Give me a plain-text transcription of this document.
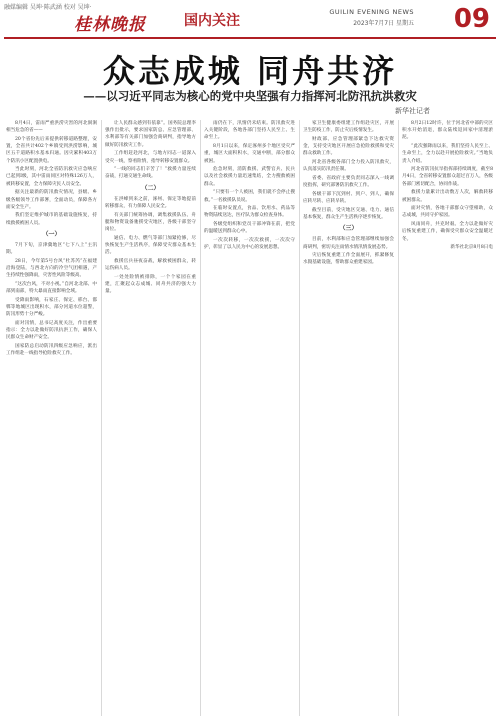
融媒编辑 吴坤·陈武涵 校对 吴坤·
桂林晚报	国内关注
GUILIN EVENING NEWS
2023年7月7日 星期五 09
众志成城 同舟共济
——以习近平同志为核心的党中央坚强有力指挥河北防汛抗洪救灾
新华社记者

8月4日，雷雨严重洪涝灾害的河北洞涧相当危急的省——

20个省份先后来提供转移道路整理，安置，全省共计402个乡镇受到洪涝影响，城区五千道路积水基本归通。因灾累积403万个防汛小区配置供电。

当此时刻，河北全省防汛救灾应急响应已起到I级，其中雷雨同区对特殊126万人，被转移安置，全力保障灾民人员安全。

据关注最新的防汛救灾情况，县级、乡级各级领导工作部署，全面动员，保障各方面安全生产。

我们坚定维护城市的基础设施恢复，持续救援被困人员。

（一）

7月下旬，京津冀地区“七下八上”主汛期。

28日，今年第5号台风“杜苏芮”在福建沿海登陆，与西北方向的冷空气团相遇，产生持续性强降雨，灾害性风险等级高。

“这次台风，不对小视。”自河北北部、中部到南部，特大暴雨直接影响全域。

受降雨影响，石家庄、保定、邢台、邯郸等地城区出现积水，部分河道水位超警，防汛形势十分严峻。

面对汛情，总书记高度关注，作出重要指示：全力以赴做好防汛抗洪工作，确保人民群众生命财产安全。

国家防总启动防汛四级应急响应，派出工作组赴一线指导抢险救灾工作。

让人民群众感到有依靠”。国务院总理李强作出批示，要求国家防总、应急管理部、水利部等有关部门加强会商研判，指导地方做好防汛救灾工作。

工作组赶赴河北，与地方同志一道深入受灾一线，察看险情，指导转移安置群众。

“一线的同志们辛苦了！”救援力量连续奋战，打通交通生命线。

（二）

在洪峰到来之前，涿州、保定等地提前转移群众，有力保障人民安全。

有关部门统筹协调，调集救援队伍、舟艇和物资设备驰援受灾地区，各级干部坚守岗位。

通信、电力、燃气等部门加紧抢修，尽快恢复生产生活秩序，保障受灾群众基本生活。

救援官兵昼夜奋战，解救被困群众，转运伤病人员。

一处处险情被排除，一个个家园在重建，汇聚起众志成城、同舟共济的强大力量。

雨仍在下，汛情仍未结束。防汛救灾进入关键阶段，各地各部门坚持人民至上、生命至上。

8月1日以来，保定涿州多个地区受灾严重，城区大面积积水，交通中断，部分群众被困。

危急时刻，消防救援、武警官兵、民兵以及社会救援力量迅速集结，全力搜救被困群众。

“只要有一个人被困，我们就不会停止搜救。”一名救援队员说。

在临时安置点，食品、饮用水、药品等物资陆续送达，医疗队为群众检查身体。

各级党组织和党员干部冲锋在前，把党的温暖送到群众心中。

一次次转移，一次次救援，一次次守护，彰显了以人民为中心的发展思想。

家卫生健康委组建工作组赴灾区，开展卫生防疫工作，防止灾后疫情发生。

财政部、应急管理部紧急下达救灾资金，支持受灾地区开展应急抢险救援和受灾群众救助工作。

河北省各级各部门全力投入防汛救灾，认真落实防汛责任制。

省委、省政府主要负责同志深入一线调度指挥，研究部署防汛救灾工作。

各级干部下沉到村、到户、到人，确保应转尽转、应转早转。

截至目前，受灾地区交通、电力、通信基本恢复，群众生产生活秩序逐步恢复。

（三）

目前，水利部和应急管理部继续加强会商研判，密切关注雨情水情汛情发展态势。

灾后恢复重建工作全面展开，抓紧修复水毁基础设施，帮助群众重建家园。

8月2日12时许，位于河北省中部的灾区积水开始消退，群众陆续返回家中清理淤泥。

“此次强降雨以来，我们坚持人民至上、生命至上，全力以赴开展抢险救灾。”当地负责人介绍。

河北省防汛抗旱指挥部持续调度，截至8月4日，全省转移安置群众超过百万人，各级各部门密切配合，协同作战。

救援力量累计出动数万人次，解救转移被困群众。

面对灾情，各地干部群众守望相助，众志成城，共同守护家园。

风雨同舟，共克时艰。全力以赴做好灾后恢复重建工作，确保受灾群众安全温暖过冬。

新华社北京8月8日电
